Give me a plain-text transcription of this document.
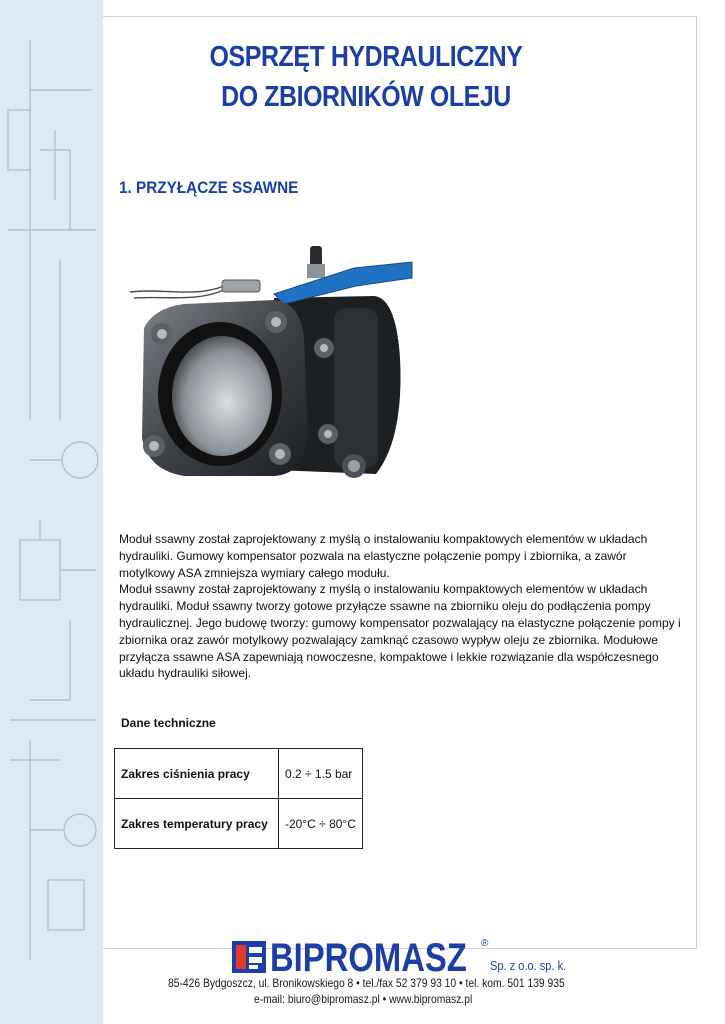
OSPRZĘT HYDRAULICZNY
DO ZBIORNIKÓW OLEJU
1. PRZYŁĄCZE SSAWNE

Moduł ssawny został zaprojektowany z myślą o instalowaniu kompaktowych elementów w układach hydrauliki. Gumowy kompensator pozwala na elastyczne połączenie pompy i zbiornika, a zawór motylkowy ASA zmniejsza wymiary całego modułu.

Moduł ssawny został zaprojektowany z myślą o instalowaniu kompaktowych elementów w układach hydrauliki. Moduł ssawny tworzy gotowe przyłącze ssawne na zbiorniku oleju do podłączenia pompy hydraulicznej. Jego budowę tworzy: gumowy kompensator pozwalający na elastyczne połączenie pompy i zbiornika oraz zawór motylkowy pozwalający zamknąć czasowo wypływ oleju ze zbiornika. Modułowe przyłącza ssawne ASA zapewniają nowoczesne, kompaktowe i lekkie rozwiązanie dla współczesnego układu hydrauliki siłowej.

Dane techniczne
Zakres ciśnienia pracy	0.2 ÷ 1.5 bar
Zakres temperatury pracy	-20°C ÷ 80°C
BIPROMASZ ®
Sp. z o.o. sp. k.
85-426 Bydgoszcz, ul. Bronikowskiego 8 • tel./fax 52 379 93 10 • tel. kom. 501 139 935
e-mail: biuro@bipromasz.pl • www.bipromasz.pl
